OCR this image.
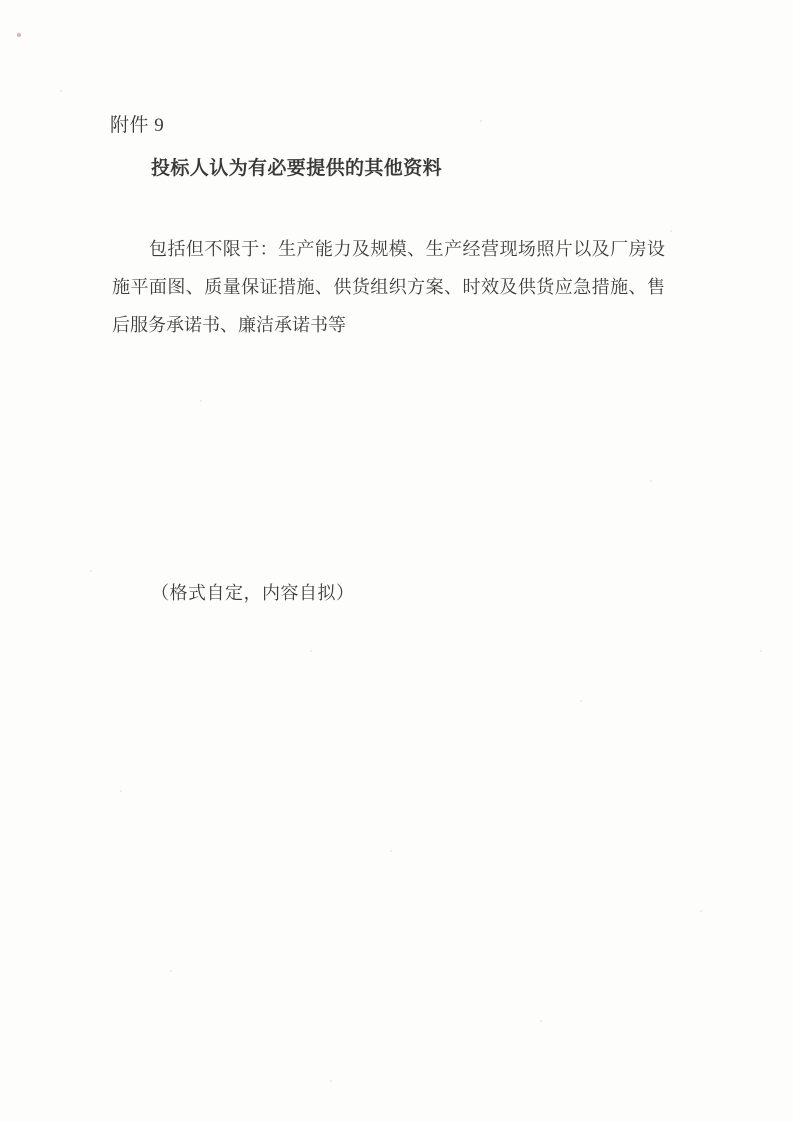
附件 9
投标人认为有必要提供的其他资料
包括但不限于：生产能力及规模、生产经营现场照片以及厂房设
施平面图、质量保证措施、供货组织方案、时效及供货应急措施、售
后服务承诺书、廉洁承诺书等
（格式自定，内容自拟）
